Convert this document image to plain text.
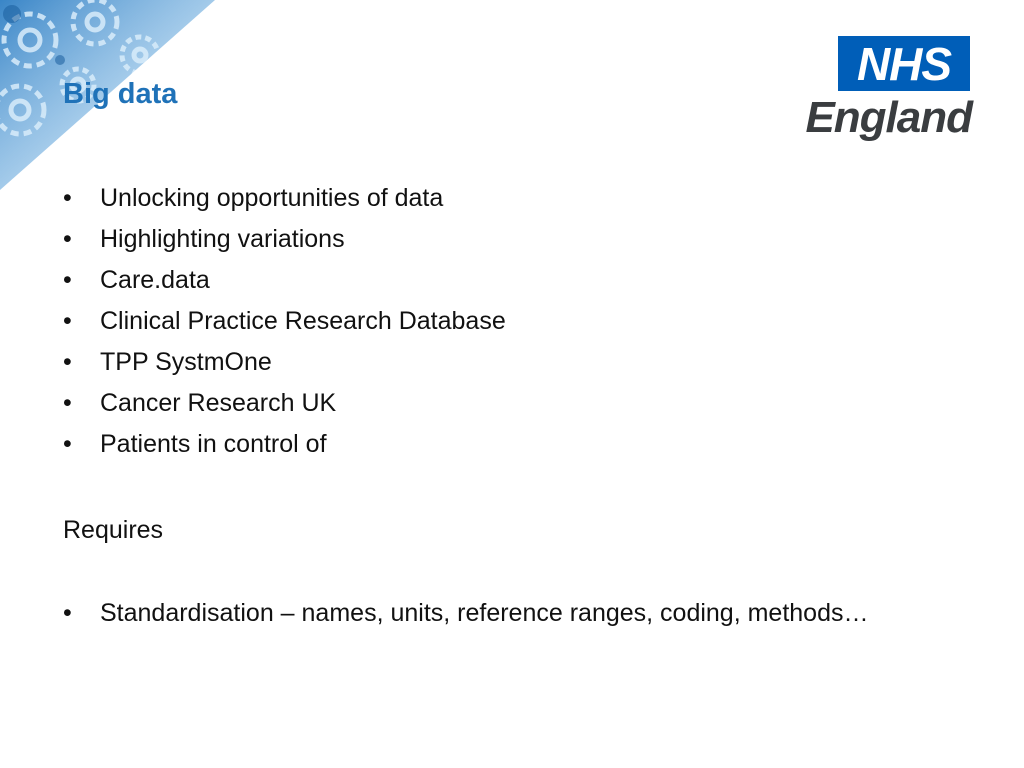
Big data
NHS
England
• Unlocking opportunities of data
• Highlighting variations
• Care.data
• Clinical Practice Research Database
• TPP SystmOne
• Cancer Research UK
• Patients in control of

Requires

• Standardisation – names, units, reference ranges, coding, methods…
